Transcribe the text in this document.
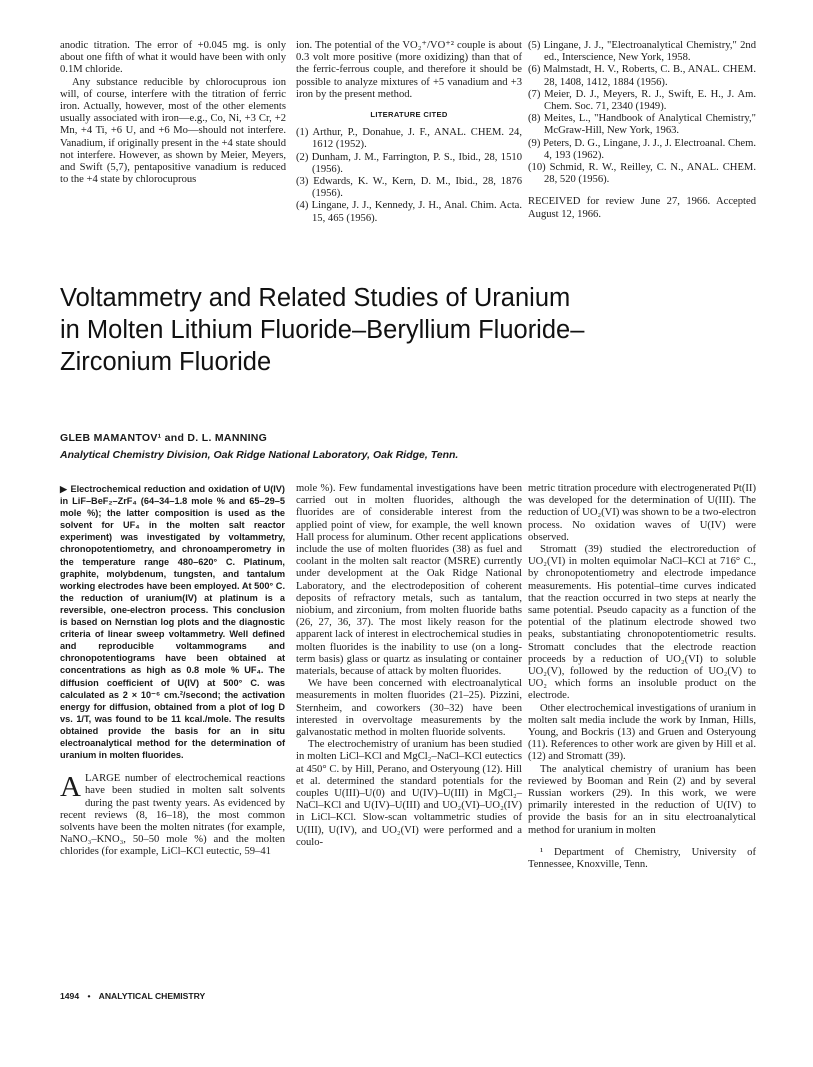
anodic titration. The error of +0.045 mg. is only about one fifth of what it would have been with only 0.1M chloride.

Any substance reducible by chlorocuprous ion will, of course, interfere with the titration of ferric iron. Actually, however, most of the other elements usually associated with iron—e.g., Co, Ni, +3 Cr, +2 Mn, +4 Ti, +6 U, and +6 Mo—should not interfere. Vanadium, if originally present in the +4 state should not interfere. However, as shown by Meier, Meyers, and Swift (5,7), pentapositive vanadium is reduced to the +4 state by chlorocuprous

ion. The potential of the VO₂⁺/VO⁺² couple is about 0.3 volt more positive (more oxidizing) than that of the ferric-ferrous couple, and therefore it should be possible to analyze mixtures of +5 vanadium and +3 iron by the present method.

LITERATURE CITED

(1) Arthur, P., Donahue, J. F., ANAL. CHEM. 24, 1612 (1952).

(2) Dunham, J. M., Farrington, P. S., Ibid., 28, 1510 (1956).

(3) Edwards, K. W., Kern, D. M., Ibid., 28, 1876 (1956).

(4) Lingane, J. J., Kennedy, J. H., Anal. Chim. Acta. 15, 465 (1956).

(5) Lingane, J. J., "Electroanalytical Chemistry," 2nd ed., Interscience, New York, 1958.

(6) Malmstadt, H. V., Roberts, C. B., ANAL. CHEM. 28, 1408, 1412, 1884 (1956).

(7) Meier, D. J., Meyers, R. J., Swift, E. H., J. Am. Chem. Soc. 71, 2340 (1949).

(8) Meites, L., "Handbook of Analytical Chemistry," McGraw-Hill, New York, 1963.

(9) Peters, D. G., Lingane, J. J., J. Electroanal. Chem. 4, 193 (1962).

(10) Schmid, R. W., Reilley, C. N., ANAL. CHEM. 28, 520 (1956).

RECEIVED for review June 27, 1966. Accepted August 12, 1966.

Voltammetry and Related Studies of Uranium
in Molten Lithium Fluoride–Beryllium Fluoride–
Zirconium Fluoride
GLEB MAMANTOV¹ and D. L. MANNING
Analytical Chemistry Division, Oak Ridge National Laboratory, Oak Ridge, Tenn.

▶ Electrochemical reduction and oxidation of U(IV) in LiF–BeF₂–ZrF₄ (64–34–1.8 mole % and 65–29–5 mole %); the latter composition is used as the solvent for UF₄ in the molten salt reactor experiment) was investigated by voltammetry, chronopotentiometry, and chronoamperometry in the temperature range 480–620° C. Platinum, graphite, molybdenum, tungsten, and tantalum working electrodes have been employed. At 500° C. the reduction of uranium(IV) at platinum is a reversible, one-electron process. This conclusion is based on Nernstian log plots and the diagnostic criteria of linear sweep voltammetry. Well defined and reproducible voltammograms and chronopotentiograms have been obtained at concentrations as high as 0.8 mole % UF₄. The diffusion coefficient of U(IV) at 500° C. was calculated as 2 × 10⁻⁶ cm.²/second; the activation energy for diffusion, obtained from a plot of log D vs. 1/T, was found to be 11 kcal./mole. The results obtained provide the basis for an in situ electroanalytical method for the determination of uranium in molten fluorides.

ALARGE number of electrochemical reactions have been studied in molten salt solvents during the past twenty years. As evidenced by recent reviews (8, 16–18), the most common solvents have been the molten nitrates (for example, NaNO₃–KNO₃, 50–50 mole %) and the molten chlorides (for example, LiCl–KCl eutectic, 59–41

mole %). Few fundamental investigations have been carried out in molten fluorides, although the fluorides are of considerable interest from the applied point of view, for example, the well known Hall process for aluminum. Other recent applications include the use of molten fluorides (38) as fuel and coolant in the molten salt reactor (MSRE) currently under development at the Oak Ridge National Laboratory, and the electrodeposition of coherent deposits of refractory metals, such as tantalum, niobium, and zirconium, from molten fluoride baths (26, 27, 36, 37). The most likely reason for the apparent lack of interest in electrochemical studies in molten fluorides is the inability to use (on a long-term basis) glass or quartz as insulating or container materials, because of attack by molten fluorides.

We have been concerned with electroanalytical measurements in molten fluorides (21–25). Pizzini, Sternheim, and coworkers (30–32) have been interested in overvoltage measurements by the galvanostatic method in molten fluoride solvents.

The electrochemistry of uranium has been studied in molten LiCl–KCl and MgCl₂–NaCl–KCl eutectics at 450° C. by Hill, Perano, and Osteryoung (12). Hill et al. determined the standard potentials for the couples U(III)–U(0) and U(IV)–U(III) in MgCl₂–NaCl–KCl and U(IV)–U(III) and UO₂(VI)–UO₂(IV) in LiCl–KCl. Slow-scan voltammetric studies of U(III), U(IV), and UO₂(VI) were performed and a coulo-

metric titration procedure with electrogenerated Pt(II) was developed for the determination of U(III). The reduction of UO₂(VI) was shown to be a two-electron process. No oxidation waves of U(IV) were observed.

Stromatt (39) studied the electroreduction of UO₂(VI) in molten equimolar NaCl–KCl at 716° C., by chronopotentiometry and electrode impedance measurements. His potential–time curves indicated that the reaction occurred in two steps at nearly the same potential. Pseudo capacity as a function of the potential of the platinum electrode showed two peaks, substantiating chronopotentiometric results. Stromatt concludes that the electrode reaction proceeds by a reduction of UO₂(VI) to soluble UO₂(V), followed by the reduction of UO₂(V) to UO₂ which forms an insoluble product on the electrode.

Other electrochemical investigations of uranium in molten salt media include the work by Inman, Hills, Young, and Bockris (13) and Gruen and Osteryoung (11). References to other work are given by Hill et al. (12) and Stromatt (39).

The analytical chemistry of uranium has been reviewed by Booman and Rein (2) and by several Russian workers (29). In this work, we were primarily interested in the reduction of U(IV) to provide the basis for an in situ electroanalytical method for uranium in molten

¹ Department of Chemistry, University of Tennessee, Knoxville, Tenn.

1494 • ANALYTICAL CHEMISTRY
